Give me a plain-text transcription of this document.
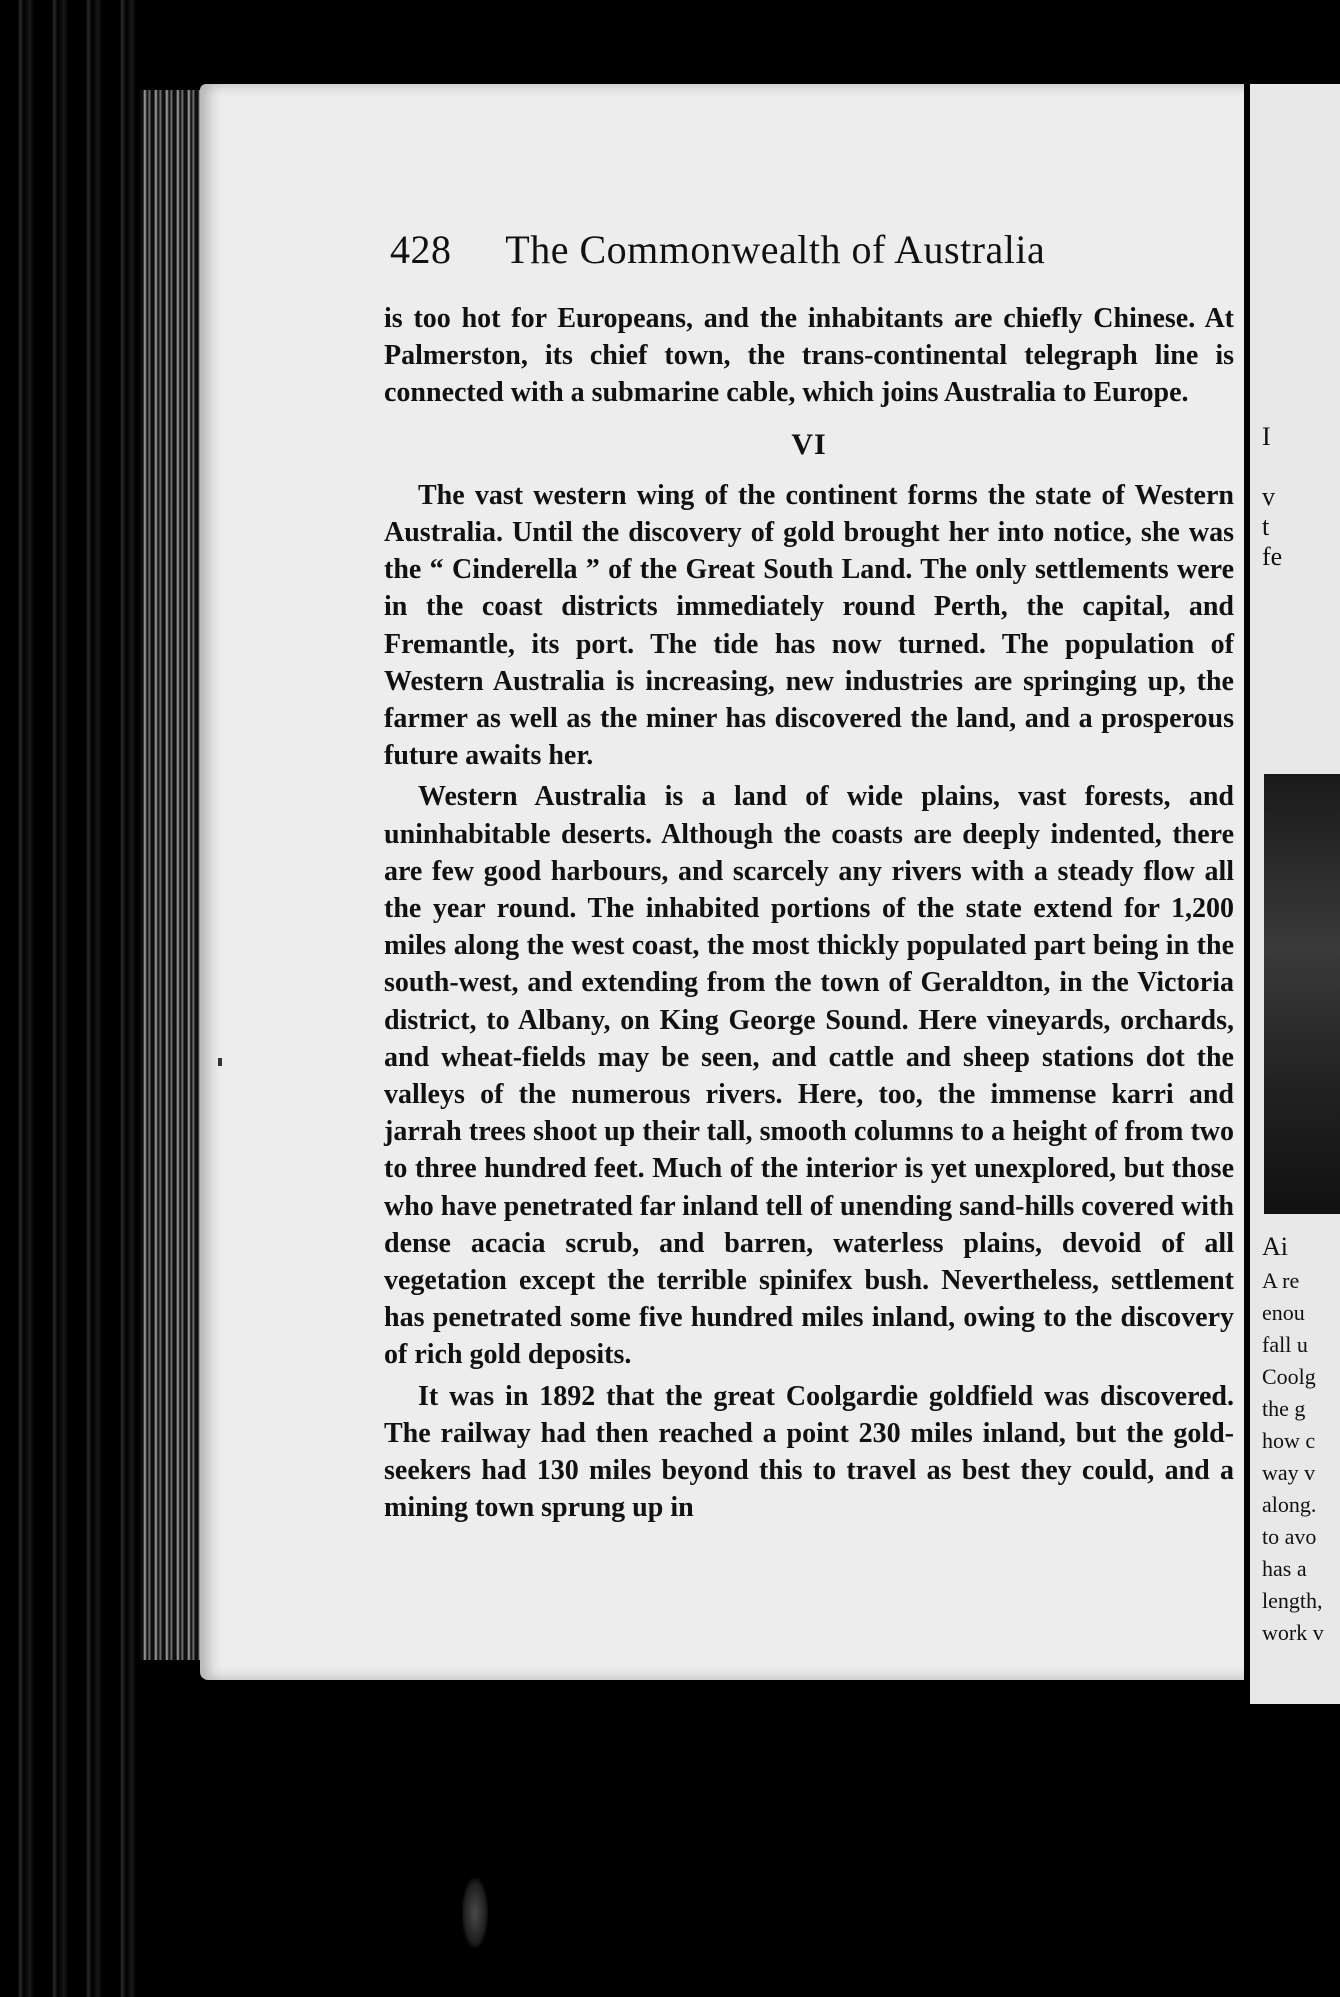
I
v
t
fe
Ai
A re
enou
fall u
Coolg
the g
how c
way v
along.
to avo
has a
length,
work v
428 The Commonwealth of Australia

is too hot for Europeans, and the inhabitants are chiefly Chinese. At Palmerston, its chief town, the trans-continental telegraph line is connected with a submarine cable, which joins Australia to Europe.

VI

The vast western wing of the continent forms the state of Western Australia. Until the discovery of gold brought her into notice, she was the “ Cinderella ” of the Great South Land. The only settlements were in the coast districts immediately round Perth, the capital, and Fremantle, its port. The tide has now turned. The population of Western Australia is increasing, new industries are springing up, the farmer as well as the miner has discovered the land, and a prosperous future awaits her.

Western Australia is a land of wide plains, vast forests, and uninhabitable deserts. Although the coasts are deeply indented, there are few good harbours, and scarcely any rivers with a steady flow all the year round. The inhabited portions of the state extend for 1,200 miles along the west coast, the most thickly populated part being in the south-west, and extending from the town of Geraldton, in the Victoria district, to Albany, on King George Sound. Here vineyards, orchards, and wheat-fields may be seen, and cattle and sheep stations dot the valleys of the numerous rivers. Here, too, the immense karri and jarrah trees shoot up their tall, smooth columns to a height of from two to three hundred feet. Much of the interior is yet unexplored, but those who have penetrated far inland tell of unending sand-hills covered with dense acacia scrub, and barren, waterless plains, devoid of all vegetation except the terrible spinifex bush. Nevertheless, settlement has penetrated some five hundred miles inland, owing to the discovery of rich gold deposits.

It was in 1892 that the great Coolgardie goldfield was discovered. The railway had then reached a point 230 miles inland, but the gold-seekers had 130 miles beyond this to travel as best they could, and a mining town sprung up in
